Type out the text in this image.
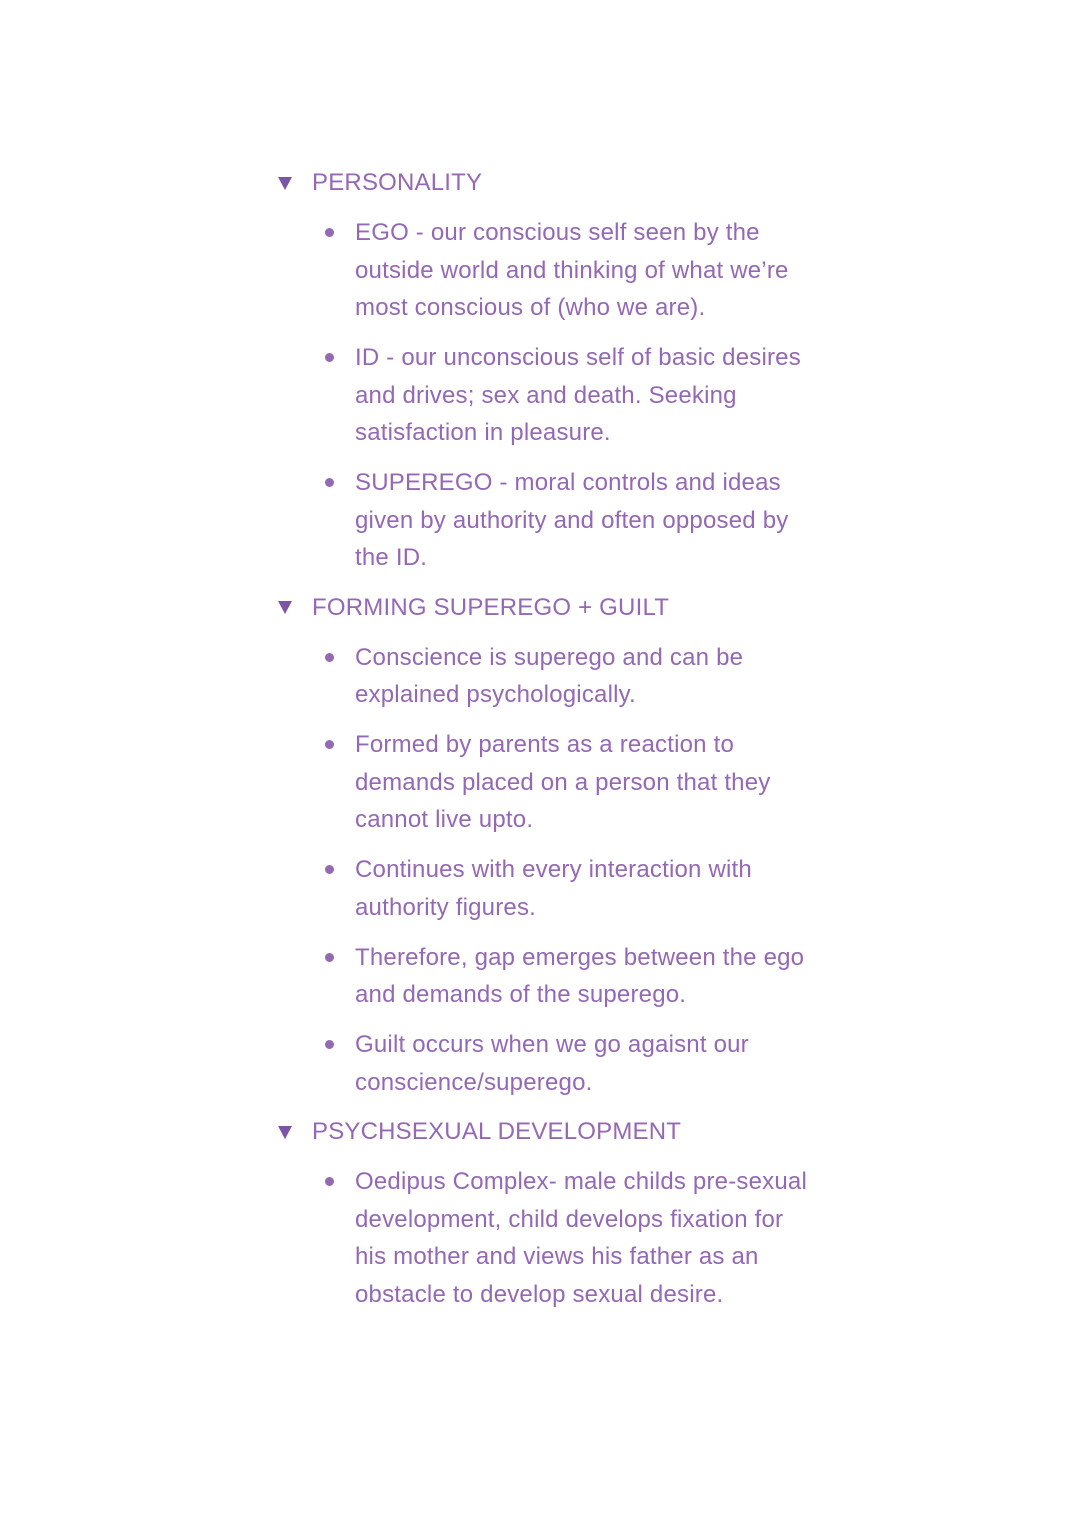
PERSONALITY
EGO - our conscious self seen by the outside world and thinking of what we’re most conscious of (who we are).
ID - our unconscious self of basic desires and drives; sex and death. Seeking satisfaction in pleasure.
SUPEREGO - moral controls and ideas given by authority and often opposed by the ID.
FORMING SUPEREGO + GUILT
Conscience is superego and can be explained psychologically.
Formed by parents as a reaction to demands placed on a person that they cannot live upto.
Continues with every interaction with authority figures.
Therefore, gap emerges between the ego and demands of the superego.
Guilt occurs when we go agaisnt our conscience/superego.
PSYCHSEXUAL DEVELOPMENT
Oedipus Complex- male childs pre-sexual development, child develops fixation for his mother and views his father as an obstacle to develop sexual desire.
